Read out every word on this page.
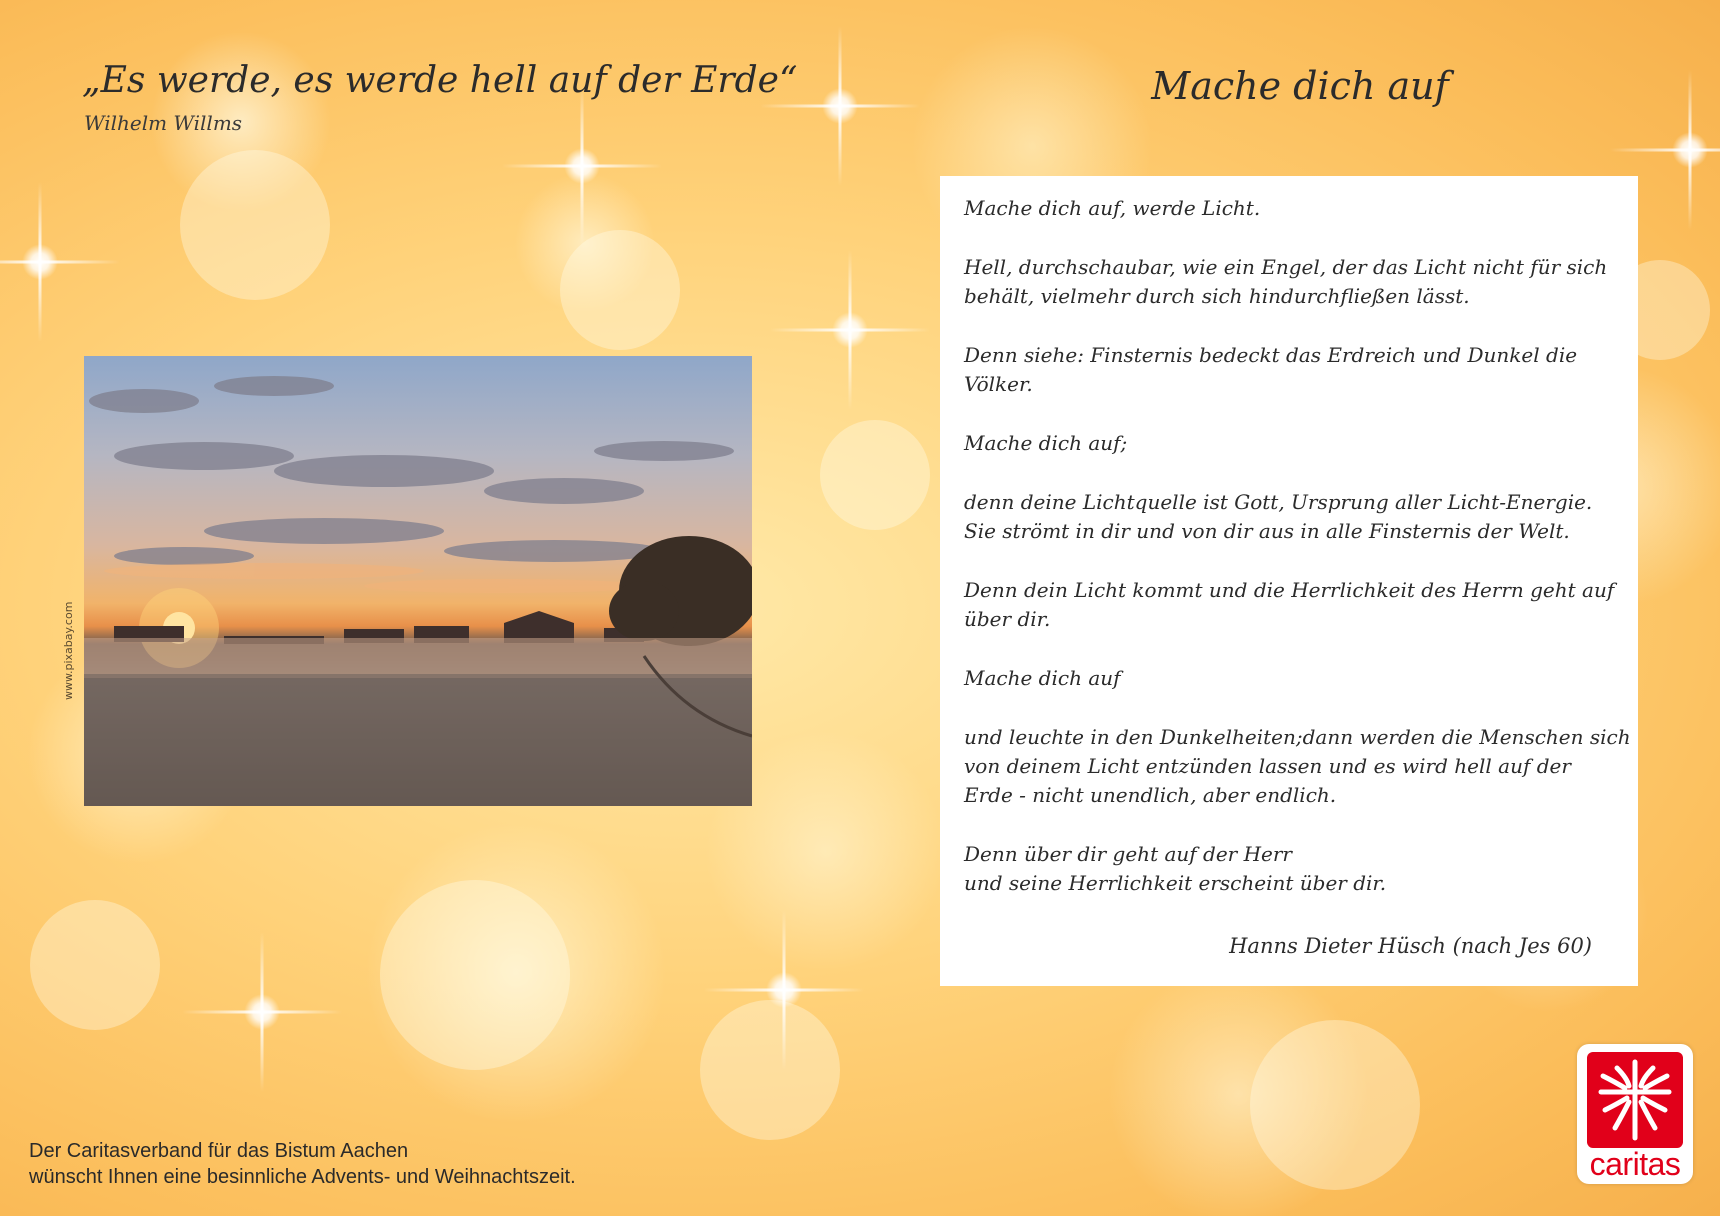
„Es werde, es werde hell auf der Erde“
Wilhelm Willms
Mache dich auf
www.pixabay.com
Mache dich auf, werde Licht.
Hell, durchschaubar, wie ein Engel, der das Licht nicht für sich
behält, vielmehr durch sich hindurchfließen lässt.
Denn siehe: Finsternis bedeckt das Erdreich und Dunkel die
Völker.
Mache dich auf;
denn deine Lichtquelle ist Gott, Ursprung aller Licht-Energie.
Sie strömt in dir und von dir aus in alle Finsternis der Welt.
Denn dein Licht kommt und die Herrlichkeit des Herrn geht auf
über dir.
Mache dich auf
und leuchte in den Dunkelheiten;dann werden die Menschen sich
von deinem Licht entzünden lassen und es wird hell auf der
Erde - nicht unendlich, aber endlich.
Denn über dir geht auf der Herr
und seine Herrlichkeit erscheint über dir.
Hanns Dieter Hüsch (nach Jes 60)
Der Caritasverband für das Bistum Aachen
wünscht Ihnen eine besinnliche Advents- und Weihnachtszeit.	caritas
